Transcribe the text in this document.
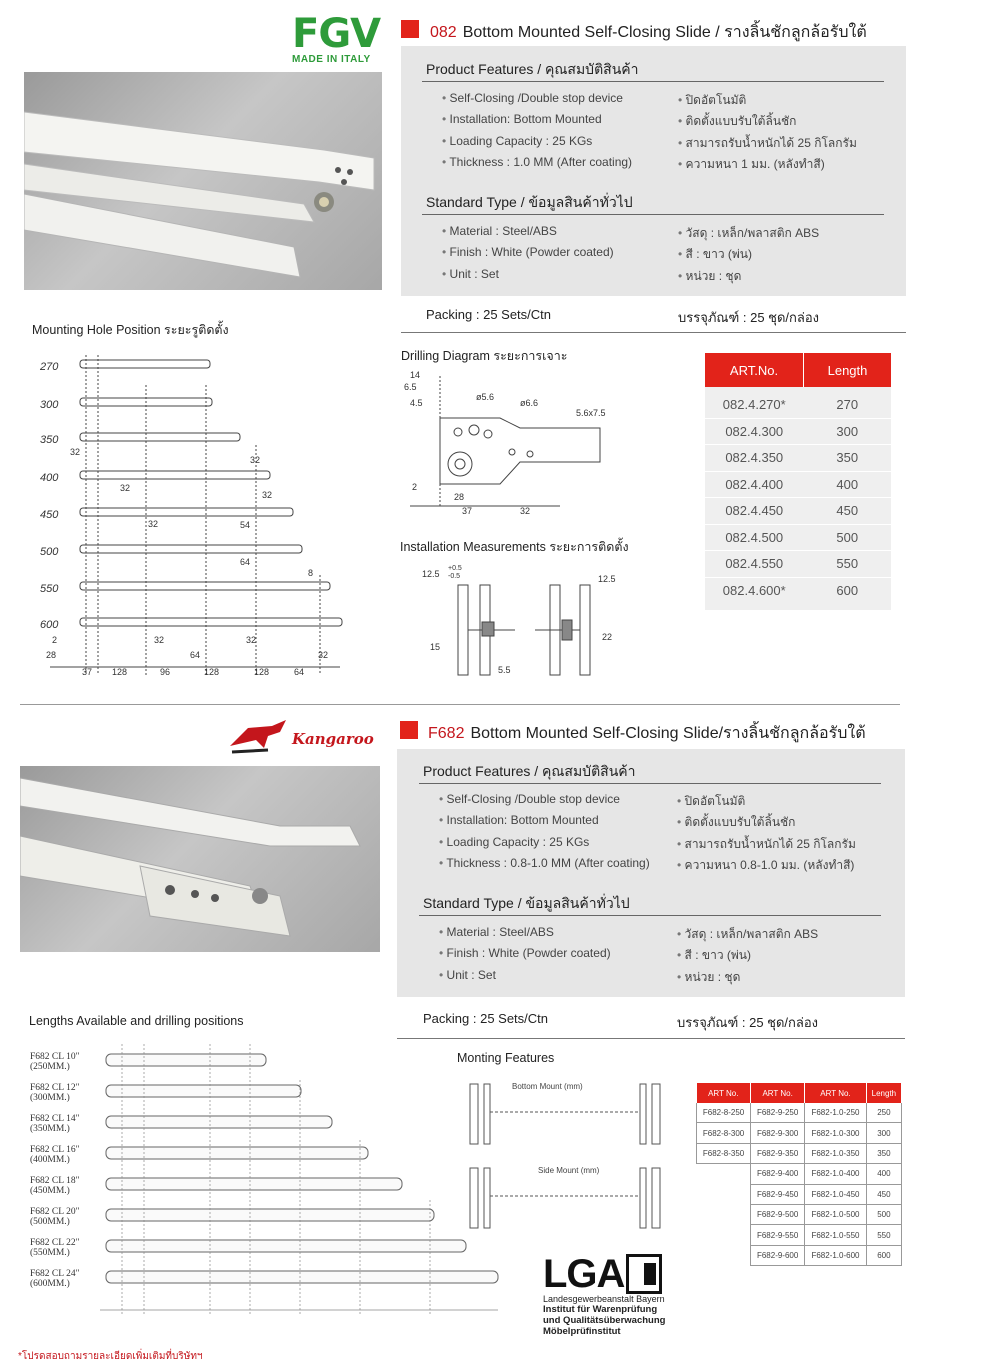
FGV
MADE IN ITALY
082 Bottom Mounted Self-Closing Slide / รางลิ้นชักลูกล้อรับใต้
Product Features / คุณสมบัติสินค้า
• Self-Closing /Double stop device
• Installation: Bottom Mounted
• Loading Capacity : 25 KGs
• Thickness : 1.0 MM (After coating)
• ปิดอัตโนมัติ
• ติดตั้งแบบรับใต้ลิ้นชัก
• สามารถรับน้ำหนักได้ 25 กิโลกรัม
• ความหนา 1 มม. (หลังทำสี)
Standard Type / ข้อมูลสินค้าทั่วไป
• Material : Steel/ABS
• Finish : White (Powder coated)
• Unit : Set
• วัสดุ : เหล็ก/พลาสติก ABS
• สี : ขาว (พ่น)
• หน่วย : ชุด
Packing : 25 Sets/Ctn	บรรจุภัณฑ์ : 25 ชุด/กล่อง
Mounting Hole Position ระยะรูติดตั้ง
270
300
350
400
450
500
550
600
32
32
32
32
54
32
64
8
2
28
32
64
32
32
37 128	96	128	128	64
Drilling Diagram ระยะการเจาะ
14
6.5
4.5
ø5.6
ø6.6
5.6x7.5
2
28
37	32
Installation Measurements ระยะการติดตั้ง
12.5
+0.5
-0.5	12.5
15
22
5.5
ART.No.	Length
082.4.270*	270
082.4.300	300
082.4.350	350
082.4.400	400
082.4.450	450
082.4.500	500
082.4.550	550
082.4.600*	600
Kangaroo	F682 Bottom Mounted Self-Closing Slide/รางลิ้นชักลูกล้อรับใต้
Product Features / คุณสมบัติสินค้า
• Self-Closing /Double stop device
• Installation: Bottom Mounted
• Loading Capacity : 25 KGs
• Thickness : 0.8-1.0 MM (After coating)
• ปิดอัตโนมัติ
• ติดตั้งแบบรับใต้ลิ้นชัก
• สามารถรับน้ำหนักได้ 25 กิโลกรัม
• ความหนา 0.8-1.0 มม. (หลังทำสี)
Standard Type / ข้อมูลสินค้าทั่วไป
• Material : Steel/ABS
• Finish : White (Powder coated)
• Unit : Set
• วัสดุ : เหล็ก/พลาสติก ABS
• สี : ขาว (พ่น)
• หน่วย : ชุด
Packing : 25 Sets/Ctn	บรรจุภัณฑ์ : 25 ชุด/กล่อง
Lengths Available and drilling positions
F682 CL 10"
(250MM.)
F682 CL 12"
(300MM.)
F682 CL 14"
(350MM.)
F682 CL 16"
(400MM.)
F682 CL 18"
(450MM.)
F682 CL 20"
(500MM.)
F682 CL 22"
(550MM.)
F682 CL 24"
(600MM.)
Monting Features
Bottom Mount (mm)
Side Mount (mm)
ART No.	ART No.	ART No.	Length
F682-8-250	F682-9-250	F682-1.0-250	250
F682-8-300	F682-9-300	F682-1.0-300	300
F682-8-350	F682-9-350	F682-1.0-350	350
	F682-9-400	F682-1.0-400	400
	F682-9-450	F682-1.0-450	450
	F682-9-500	F682-1.0-500	500
	F682-9-550	F682-1.0-550	550
	F682-9-600	F682-1.0-600	600
LGA
Landesgewerbeanstalt Bayern
Institut für Warenprüfung
und Qualitätsüberwachung
Möbelprüfinstitut
*โปรดสอบถามรายละเอียดเพิ่มเติมที่บริษัทฯ
